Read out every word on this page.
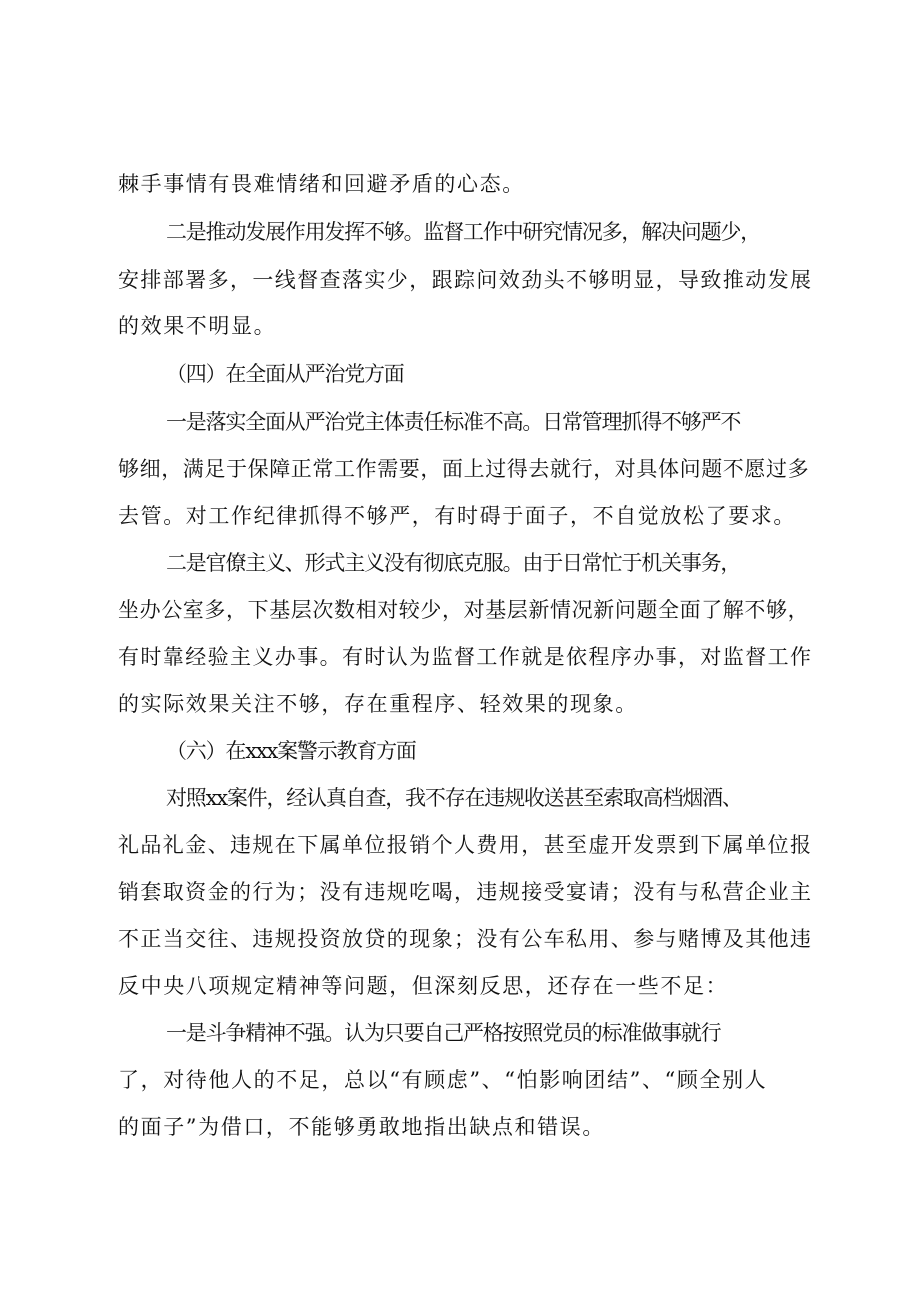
棘手事情有畏难情绪和回避矛盾的心态。
二是推动发展作用发挥不够。监督工作中研究情况多，解决问题少，
安排部署多，一线督查落实少，跟踪问效劲头不够明显，导致推动发展
的效果不明显。
（四）在全面从严治党方面
一是落实全面从严治党主体责任标准不高。日常管理抓得不够严不
够细，满足于保障正常工作需要，面上过得去就行，对具体问题不愿过多
去管。对工作纪律抓得不够严，有时碍于面子，不自觉放松了要求。
二是官僚主义、形式主义没有彻底克服。由于日常忙于机关事务，
坐办公室多，下基层次数相对较少，对基层新情况新问题全面了解不够，
有时靠经验主义办事。有时认为监督工作就是依程序办事，对监督工作
的实际效果关注不够，存在重程序、轻效果的现象。
（六）在xxx案警示教育方面
对照xx案件，经认真自查，我不存在违规收送甚至索取高档烟酒、
礼品礼金、违规在下属单位报销个人费用，甚至虚开发票到下属单位报
销套取资金的行为；没有违规吃喝，违规接受宴请；没有与私营企业主
不正当交往、违规投资放贷的现象；没有公车私用、参与赌博及其他违
反中央八项规定精神等问题，但深刻反思，还存在一些不足：
一是斗争精神不强。认为只要自己严格按照党员的标准做事就行
了，对待他人的不足，总以“有顾虑”、“怕影响团结”、“顾全别人
的面子”为借口，不能够勇敢地指出缺点和错误。
